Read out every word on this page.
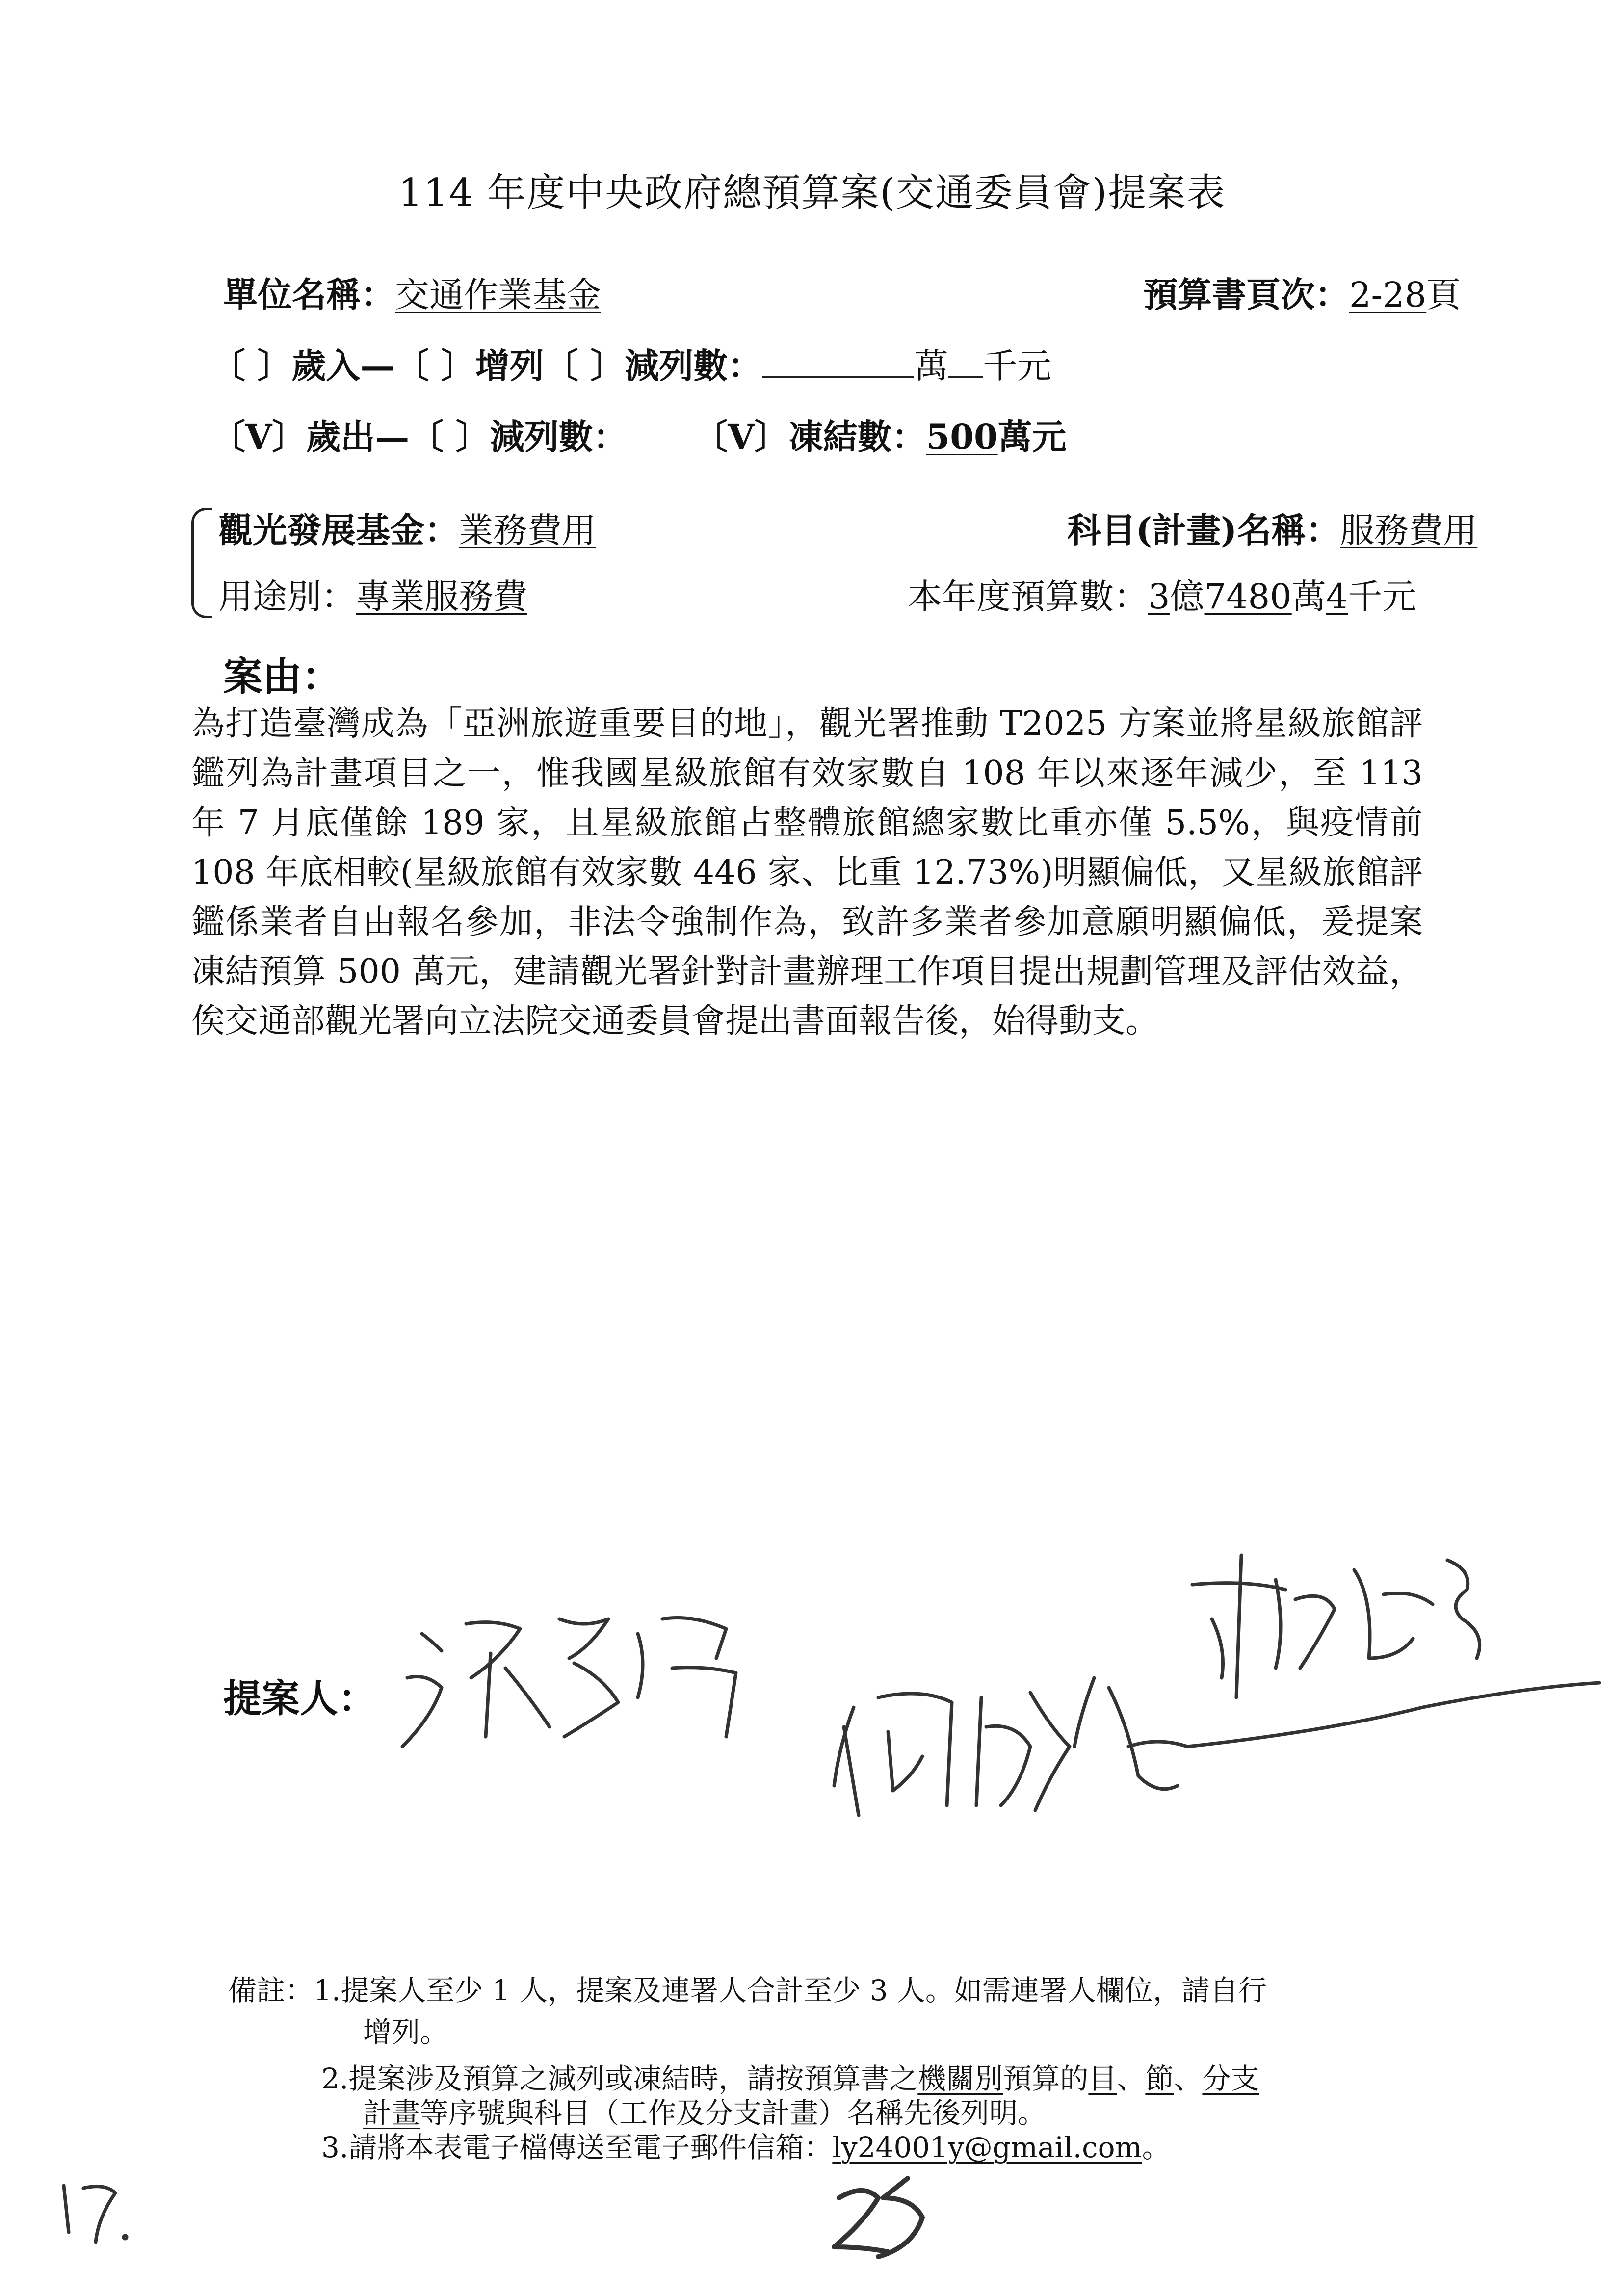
114 年度中央政府總預算案(交通委員會)提案表
單位名稱：交通作業基金	預算書頁次：2-28頁
〔 〕歲入—〔 〕增列〔 〕減列數：	萬 千元
〔V〕歲出—〔 〕減列數： 〔V〕凍結數：500萬元
觀光發展基金：業務費用	科目(計畫)名稱：服務費用
用途別：專業服務費	本年度預算數：3億7480萬4千元
案由：
為打造臺灣成為「亞洲旅遊重要目的地」，觀光署推動 T2025 方案並將星級旅館評鑑列為計畫項目之一，惟我國星級旅館有效家數自 108 年以來逐年減少，至 113 年 7 月底僅餘 189 家，且星級旅館占整體旅館總家數比重亦僅 5.5%，與疫情前 108 年底相較(星級旅館有效家數 446 家、比重 12.73%)明顯偏低，又星級旅館評鑑係業者自由報名參加，非法令強制作為，致許多業者參加意願明顯偏低，爰提案凍結預算 500 萬元，建請觀光署針對計畫辦理工作項目提出規劃管理及評估效益，俟交通部觀光署向立法院交通委員會提出書面報告後，始得動支。
提案人：
備註：1.提案人至少 1 人，提案及連署人合計至少 3 人。如需連署人欄位，請自行
增列。
2.提案涉及預算之減列或凍結時，請按預算書之機關別預算的目、節、分支
計畫等序號與科目（工作及分支計畫）名稱先後列明。
3.請將本表電子檔傳送至電子郵件信箱：ly24001y@gmail.com。
